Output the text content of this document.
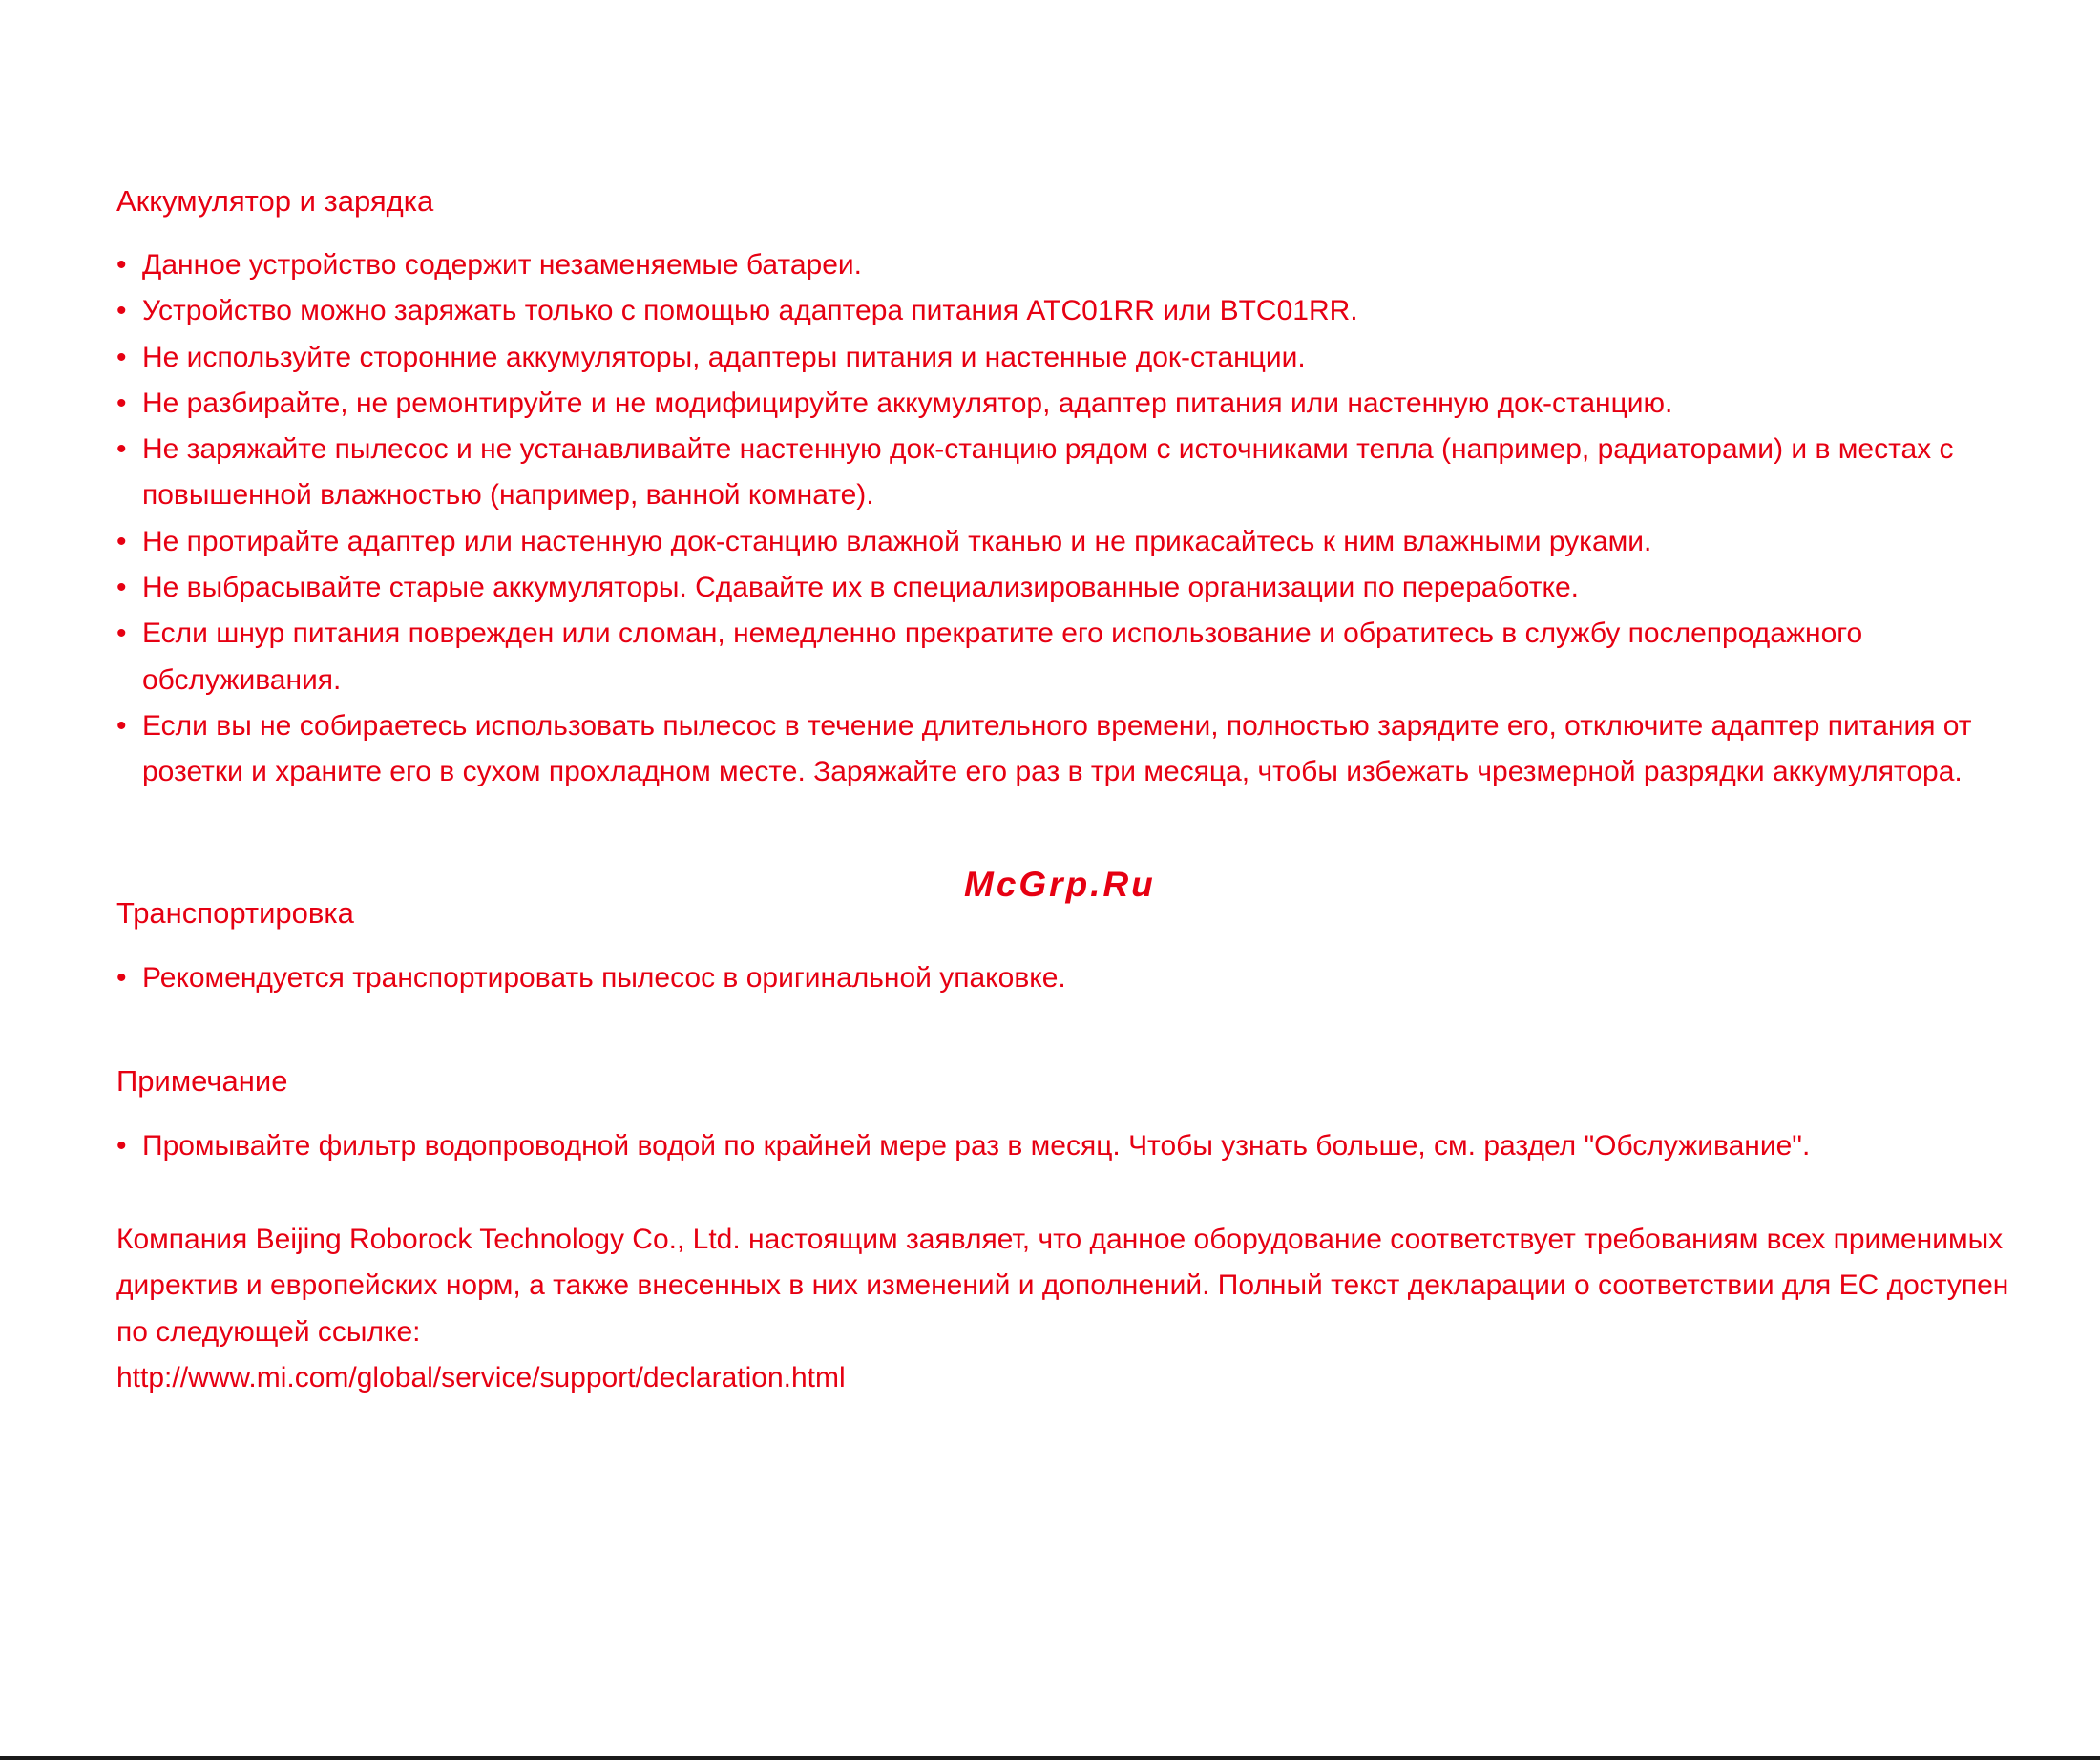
Аккумулятор и зарядка
• Данное устройство содержит незаменяемые батареи.
• Устройство можно заряжать только с помощью адаптера питания ATC01RR или BTC01RR.
• Не используйте сторонние аккумуляторы, адаптеры питания и настенные док-станции.
• Не разбирайте, не ремонтируйте и не модифицируйте аккумулятор, адаптер питания или настенную док-станцию.
• Не заряжайте пылесос и не устанавливайте настенную док-станцию рядом с источниками тепла (например, радиаторами) и в местах с повышенной влажностью (например, ванной комнате).
• Не протирайте адаптер или настенную док-станцию влажной тканью и не прикасайтесь к ним влажными руками.
• Не выбрасывайте старые аккумуляторы. Сдавайте их в специализированные организации по переработке.
• Если шнур питания поврежден или сломан, немедленно прекратите его использование и обратитесь в службу послепродажного обслуживания.
• Если вы не собираетесь использовать пылесос в течение длительного времени, полностью зарядите его, отключите адаптер питания от розетки и храните его в сухом прохладном месте. Заряжайте его раз в три месяца, чтобы избежать чрезмерной разрядки аккумулятора.
McGrp.Ru
Транспортировка
• Рекомендуется транспортировать пылесос в оригинальной упаковке.
Примечание
• Промывайте фильтр водопроводной водой по крайней мере раз в месяц. Чтобы узнать больше, см. раздел "Обслуживание".

Компания Beijing Roborock Technology Co., Ltd. настоящим заявляет, что данное оборудование соответствует требованиям всех применимых директив и европейских норм, а также внесенных в них изменений и дополнений. Полный текст декларации о соответствии для ЕС доступен по следующей ссылке:
http://www.mi.com/global/service/support/declaration.html
